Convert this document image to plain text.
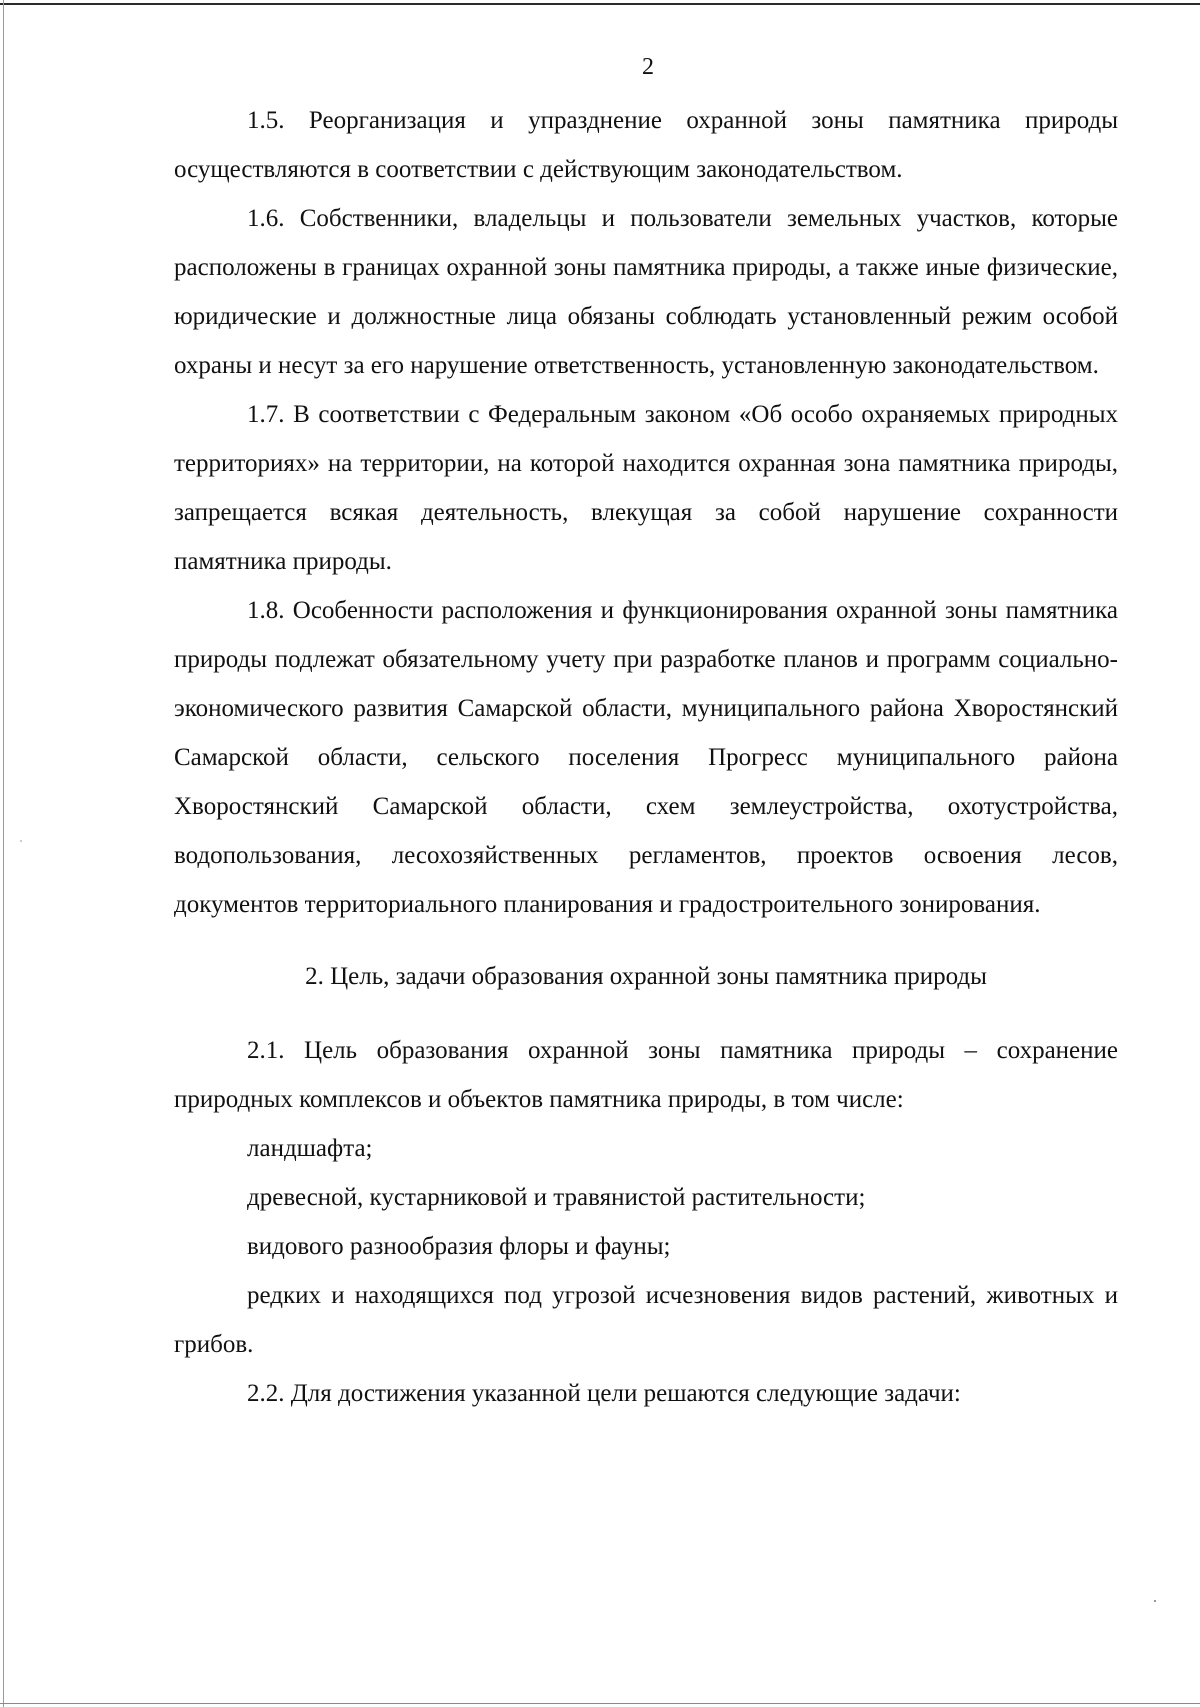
2

1.5. Реорганизация и упразднение охранной зоны памятника природы осуществляются в соответствии с действующим законодательством.

1.6. Собственники, владельцы и пользователи земельных участков, которые расположены в границах охранной зоны памятника природы, а также иные физические, юридические и должностные лица обязаны соблюдать установленный режим особой охраны и несут за его нарушение ответственность, установленную законодательством.

1.7. В соответствии с Федеральным законом «Об особо охраняемых природных территориях» на территории, на которой находится охранная зона памятника природы, запрещается всякая деятельность, влекущая за собой нарушение сохранности памятника природы.

1.8. Особенности расположения и функционирования охранной зоны памятника природы подлежат обязательному учету при разработке планов и программ социально-экономического развития Самарской области, муниципального района Хворостянский Самарской области, сельского поселения Прогресс муниципального района Хворостянский Самарской области, схем землеустройства, охотустройства, водопользования, лесохозяйственных регламентов, проектов освоения лесов, документов территориального планирования и градостроительного зонирования.

2. Цель, задачи образования охранной зоны памятника природы

2.1. Цель образования охранной зоны памятника природы – сохранение природных комплексов и объектов памятника природы, в том числе:

ландшафта;

древесной, кустарниковой и травянистой растительности;

видового разнообразия флоры и фауны;

редких и находящихся под угрозой исчезновения видов растений, животных и грибов.

2.2. Для достижения указанной цели решаются следующие задачи:
